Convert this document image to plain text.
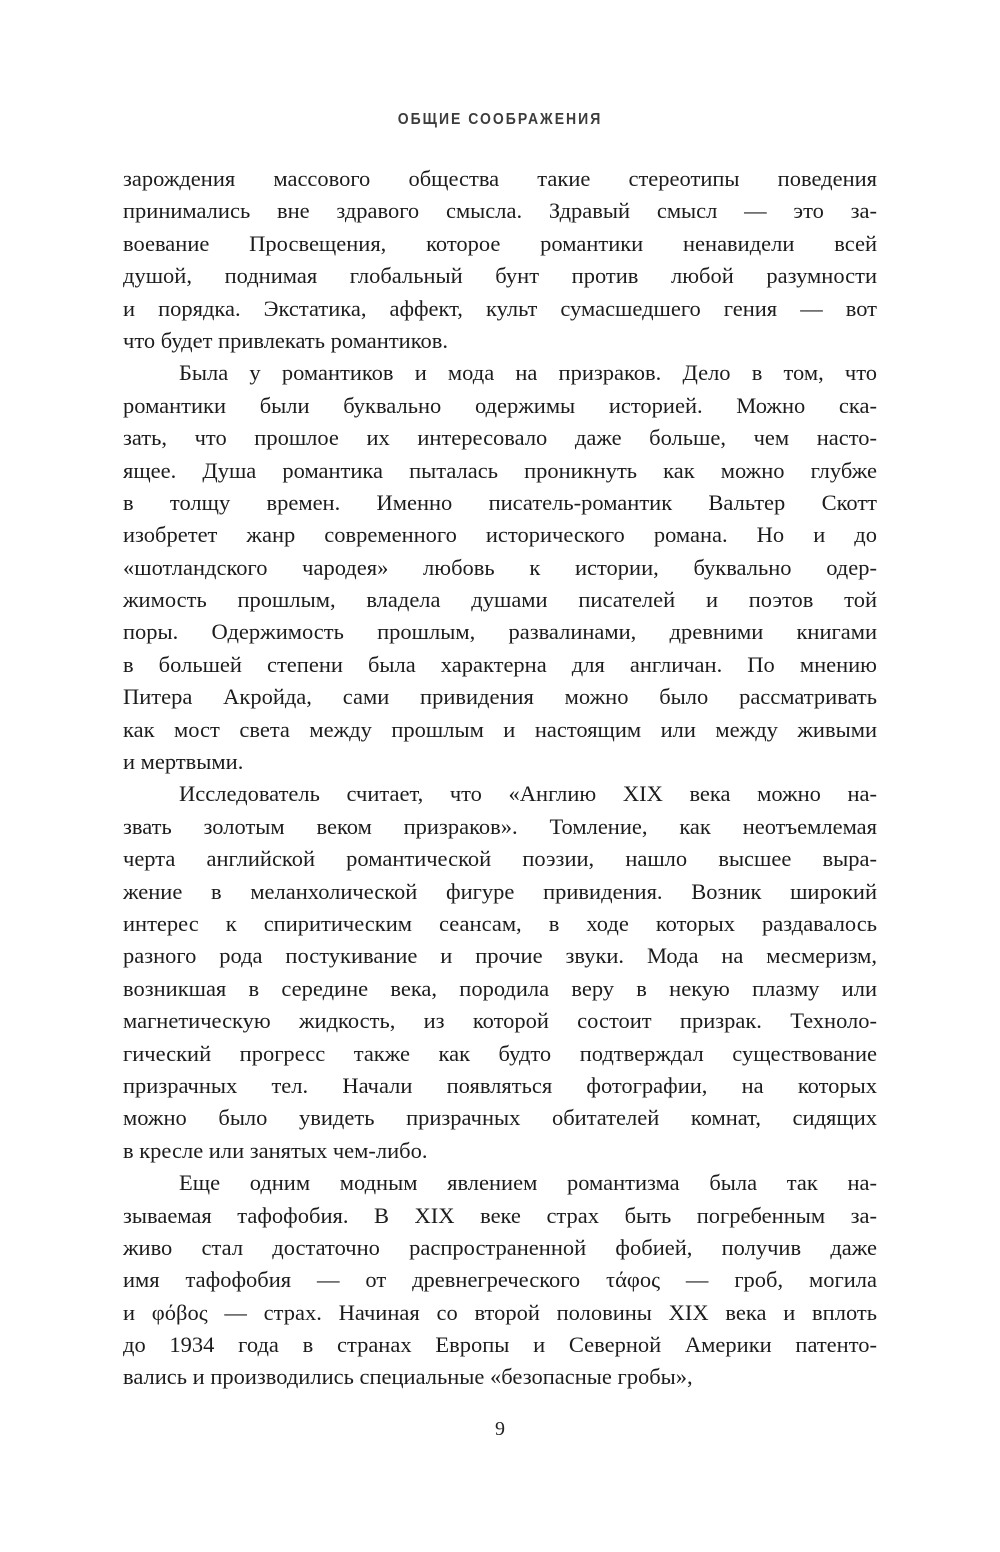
ОБЩИЕ СООБРАЖЕНИЯ
зарождения массового общества такие стереотипы поведения
принимались вне здравого смысла. Здравый смысл — это за-
воевание Просвещения, которое романтики ненавидели всей
душой, поднимая глобальный бунт против любой разумности
и порядка. Экстатика, аффект, культ сумасшедшего гения — вот
что будет привлекать романтиков.
Была у романтиков и мода на призраков. Дело в том, что
романтики были буквально одержимы историей. Можно ска-
зать, что прошлое их интересовало даже больше, чем насто-
ящее. Душа романтика пыталась проникнуть как можно глубже
в толщу времен. Именно писатель-романтик Вальтер Скотт
изобретет жанр современного исторического романа. Но и до
«шотландского чародея» любовь к истории, буквально одер-
жимость прошлым, владела душами писателей и поэтов той
поры. Одержимость прошлым, развалинами, древними книгами
в большей степени была характерна для англичан. По мнению
Питера Акройда, сами привидения можно было рассматривать
как мост света между прошлым и настоящим или между живыми
и мертвыми.
Исследователь считает, что «Англию XIX века можно на-
звать золотым веком призраков». Томление, как неотъемлемая
черта английской романтической поэзии, нашло высшее выра-
жение в меланхолической фигуре привидения. Возник широкий
интерес к спиритическим сеансам, в ходе которых раздавалось
разного рода постукивание и прочие звуки. Мода на месмеризм,
возникшая в середине века, породила веру в некую плазму или
магнетическую жидкость, из которой состоит призрак. Техноло-
гический прогресс также как будто подтверждал существование
призрачных тел. Начали появляться фотографии, на которых
можно было увидеть призрачных обитателей комнат, сидящих
в кресле или занятых чем-либо.
Еще одним модным явлением романтизма была так на-
зываемая тафофобия. В XIX веке страх быть погребенным за-
живо стал достаточно распространенной фобией, получив даже
имя тафофобия — от древнегреческого τάφος — гроб, могила
и φόβος — страх. Начиная со второй половины XIX века и вплоть
до 1934 года в странах Европы и Северной Америки патенто-
вались и производились специальные «безопасные гробы»,
9
